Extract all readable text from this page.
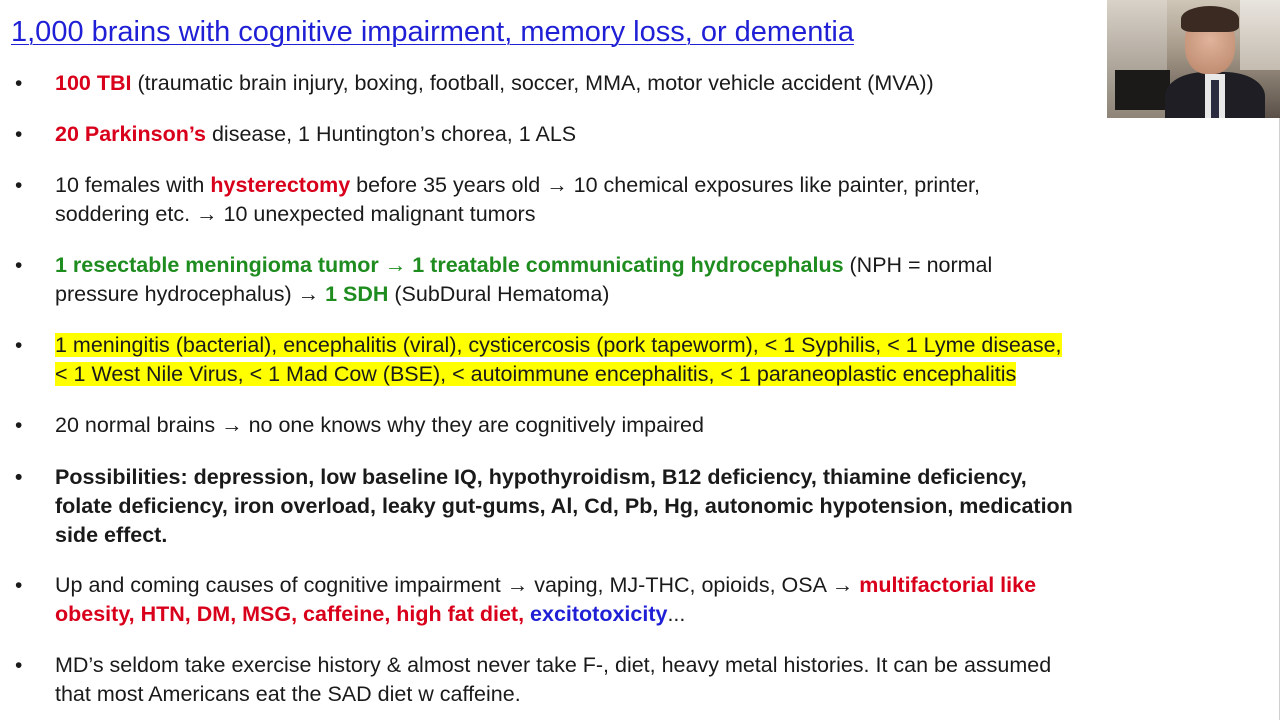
1,000 brains with cognitive impairment, memory loss, or dementia
• 100 TBI (traumatic brain injury, boxing, football, soccer, MMA, motor vehicle accident (MVA))
• 20 Parkinson’s disease, 1 Huntington’s chorea, 1 ALS
• 10 females with hysterectomy before 35 years old → 10 chemical exposures like painter, printer,
soddering etc. → 10 unexpected malignant tumors
• 1 resectable meningioma tumor → 1 treatable communicating hydrocephalus (NPH = normal
pressure hydrocephalus) → 1 SDH (SubDural Hematoma)
• 1 meningitis (bacterial), encephalitis (viral), cysticercosis (pork tapeworm), < 1 Syphilis, < 1 Lyme disease,
< 1 West Nile Virus, < 1 Mad Cow (BSE), < autoimmune encephalitis, < 1 paraneoplastic encephalitis
• 20 normal brains → no one knows why they are cognitively impaired
• Possibilities: depression, low baseline IQ, hypothyroidism, B12 deficiency, thiamine deficiency,
folate deficiency, iron overload, leaky gut-gums, Al, Cd, Pb, Hg, autonomic hypotension, medication
side effect.
• Up and coming causes of cognitive impairment → vaping, MJ-THC, opioids, OSA → multifactorial like
obesity, HTN, DM, MSG, caffeine, high fat diet, excitotoxicity...
• MD’s seldom take exercise history & almost never take F-, diet, heavy metal histories. It can be assumed
that most Americans eat the SAD diet w caffeine.
